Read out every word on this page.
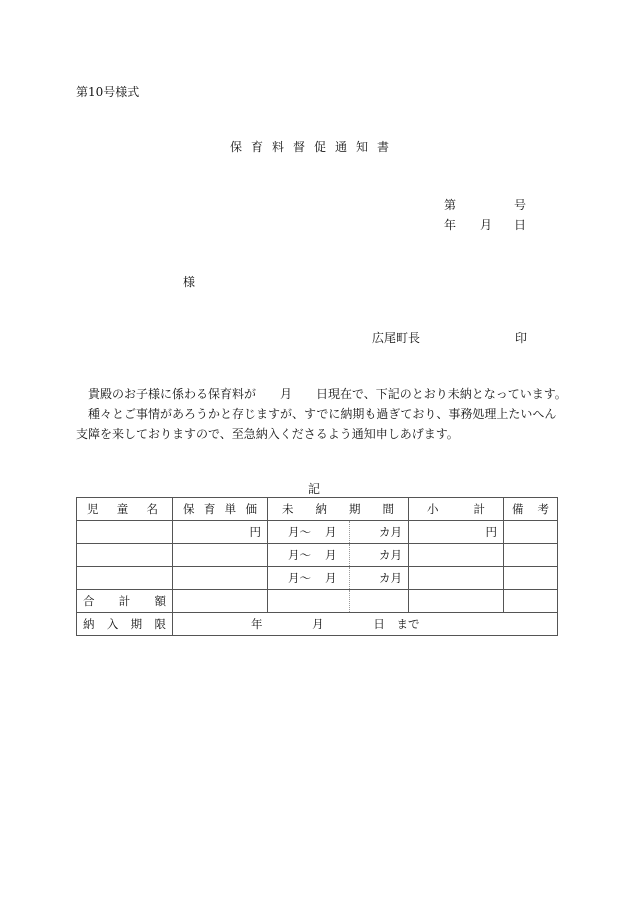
第10号様式
保育料督促通知書
第	号
年 月 日
様
広尾町長	印
貴殿のお子様に係わる保育料が　　月　　日現在で、下記のとおり未納となっています。
種々とご事情があろうかと存じますが、すでに納期も過ぎており、事務処理上たいへん
支障を来しておりますので、至急納入くださるよう通知申しあげます。
記
児童名	保育単価	未納期間		小計	備考
	円	月〜 月	カ月	円	
		月〜 月	カ月		
		月〜 月	カ月		
合計額					
納入期限	年 月 日 まで				
